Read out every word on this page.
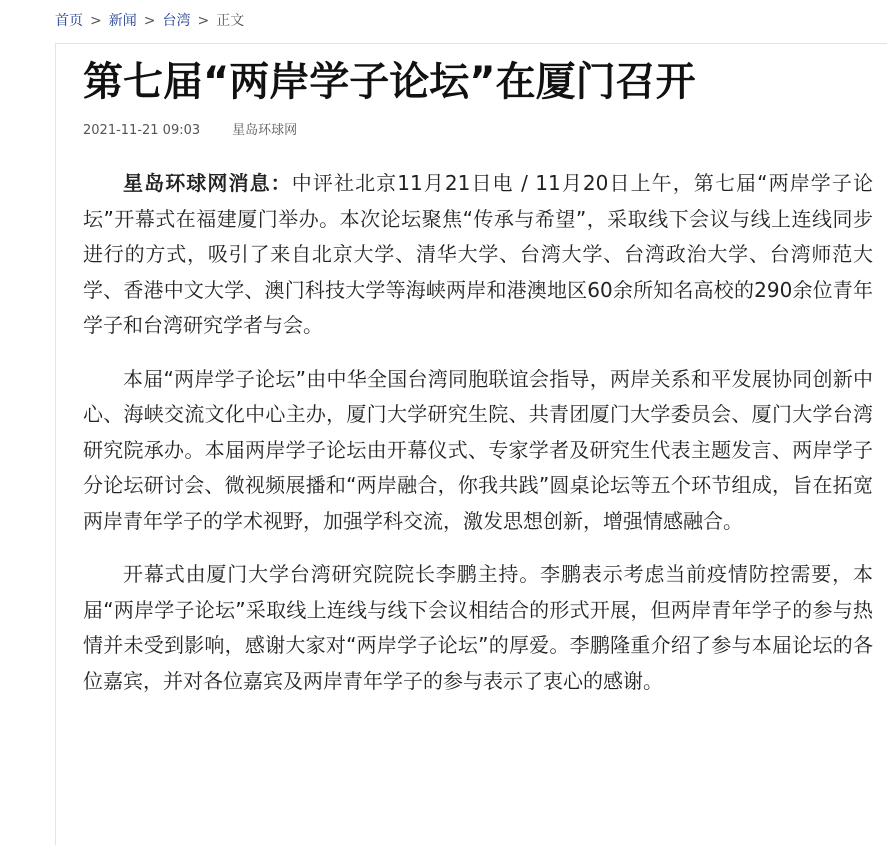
首页 > 新闻 > 台湾 > 正文
第七届“两岸学子论坛”在厦门召开
2021-11-21 09:03 星岛环球网

星岛环球网消息：中评社北京11月21日电 / 11月20日上午，第七届“两岸学子论坛”开幕式在福建厦门举办。本次论坛聚焦“传承与希望”，采取线下会议与线上连线同步进行的方式，吸引了来自北京大学、清华大学、台湾大学、台湾政治大学、台湾师范大学、香港中文大学、澳门科技大学等海峡两岸和港澳地区60余所知名高校的290余位青年学子和台湾研究学者与会。

本届“两岸学子论坛”由中华全国台湾同胞联谊会指导，两岸关系和平发展协同创新中心、海峡交流文化中心主办，厦门大学研究生院、共青团厦门大学委员会、厦门大学台湾研究院承办。本届两岸学子论坛由开幕仪式、专家学者及研究生代表主题发言、两岸学子分论坛研讨会、微视频展播和“两岸融合，你我共践”圆桌论坛等五个环节组成，旨在拓宽两岸青年学子的学术视野，加强学科交流，激发思想创新，增强情感融合。

开幕式由厦门大学台湾研究院院长李鹏主持。李鹏表示考虑当前疫情防控需要，本届“两岸学子论坛”采取线上连线与线下会议相结合的形式开展，但两岸青年学子的参与热情并未受到影响，感谢大家对“两岸学子论坛”的厚爱。李鹏隆重介绍了参与本届论坛的各位嘉宾，并对各位嘉宾及两岸青年学子的参与表示了衷心的感谢。
